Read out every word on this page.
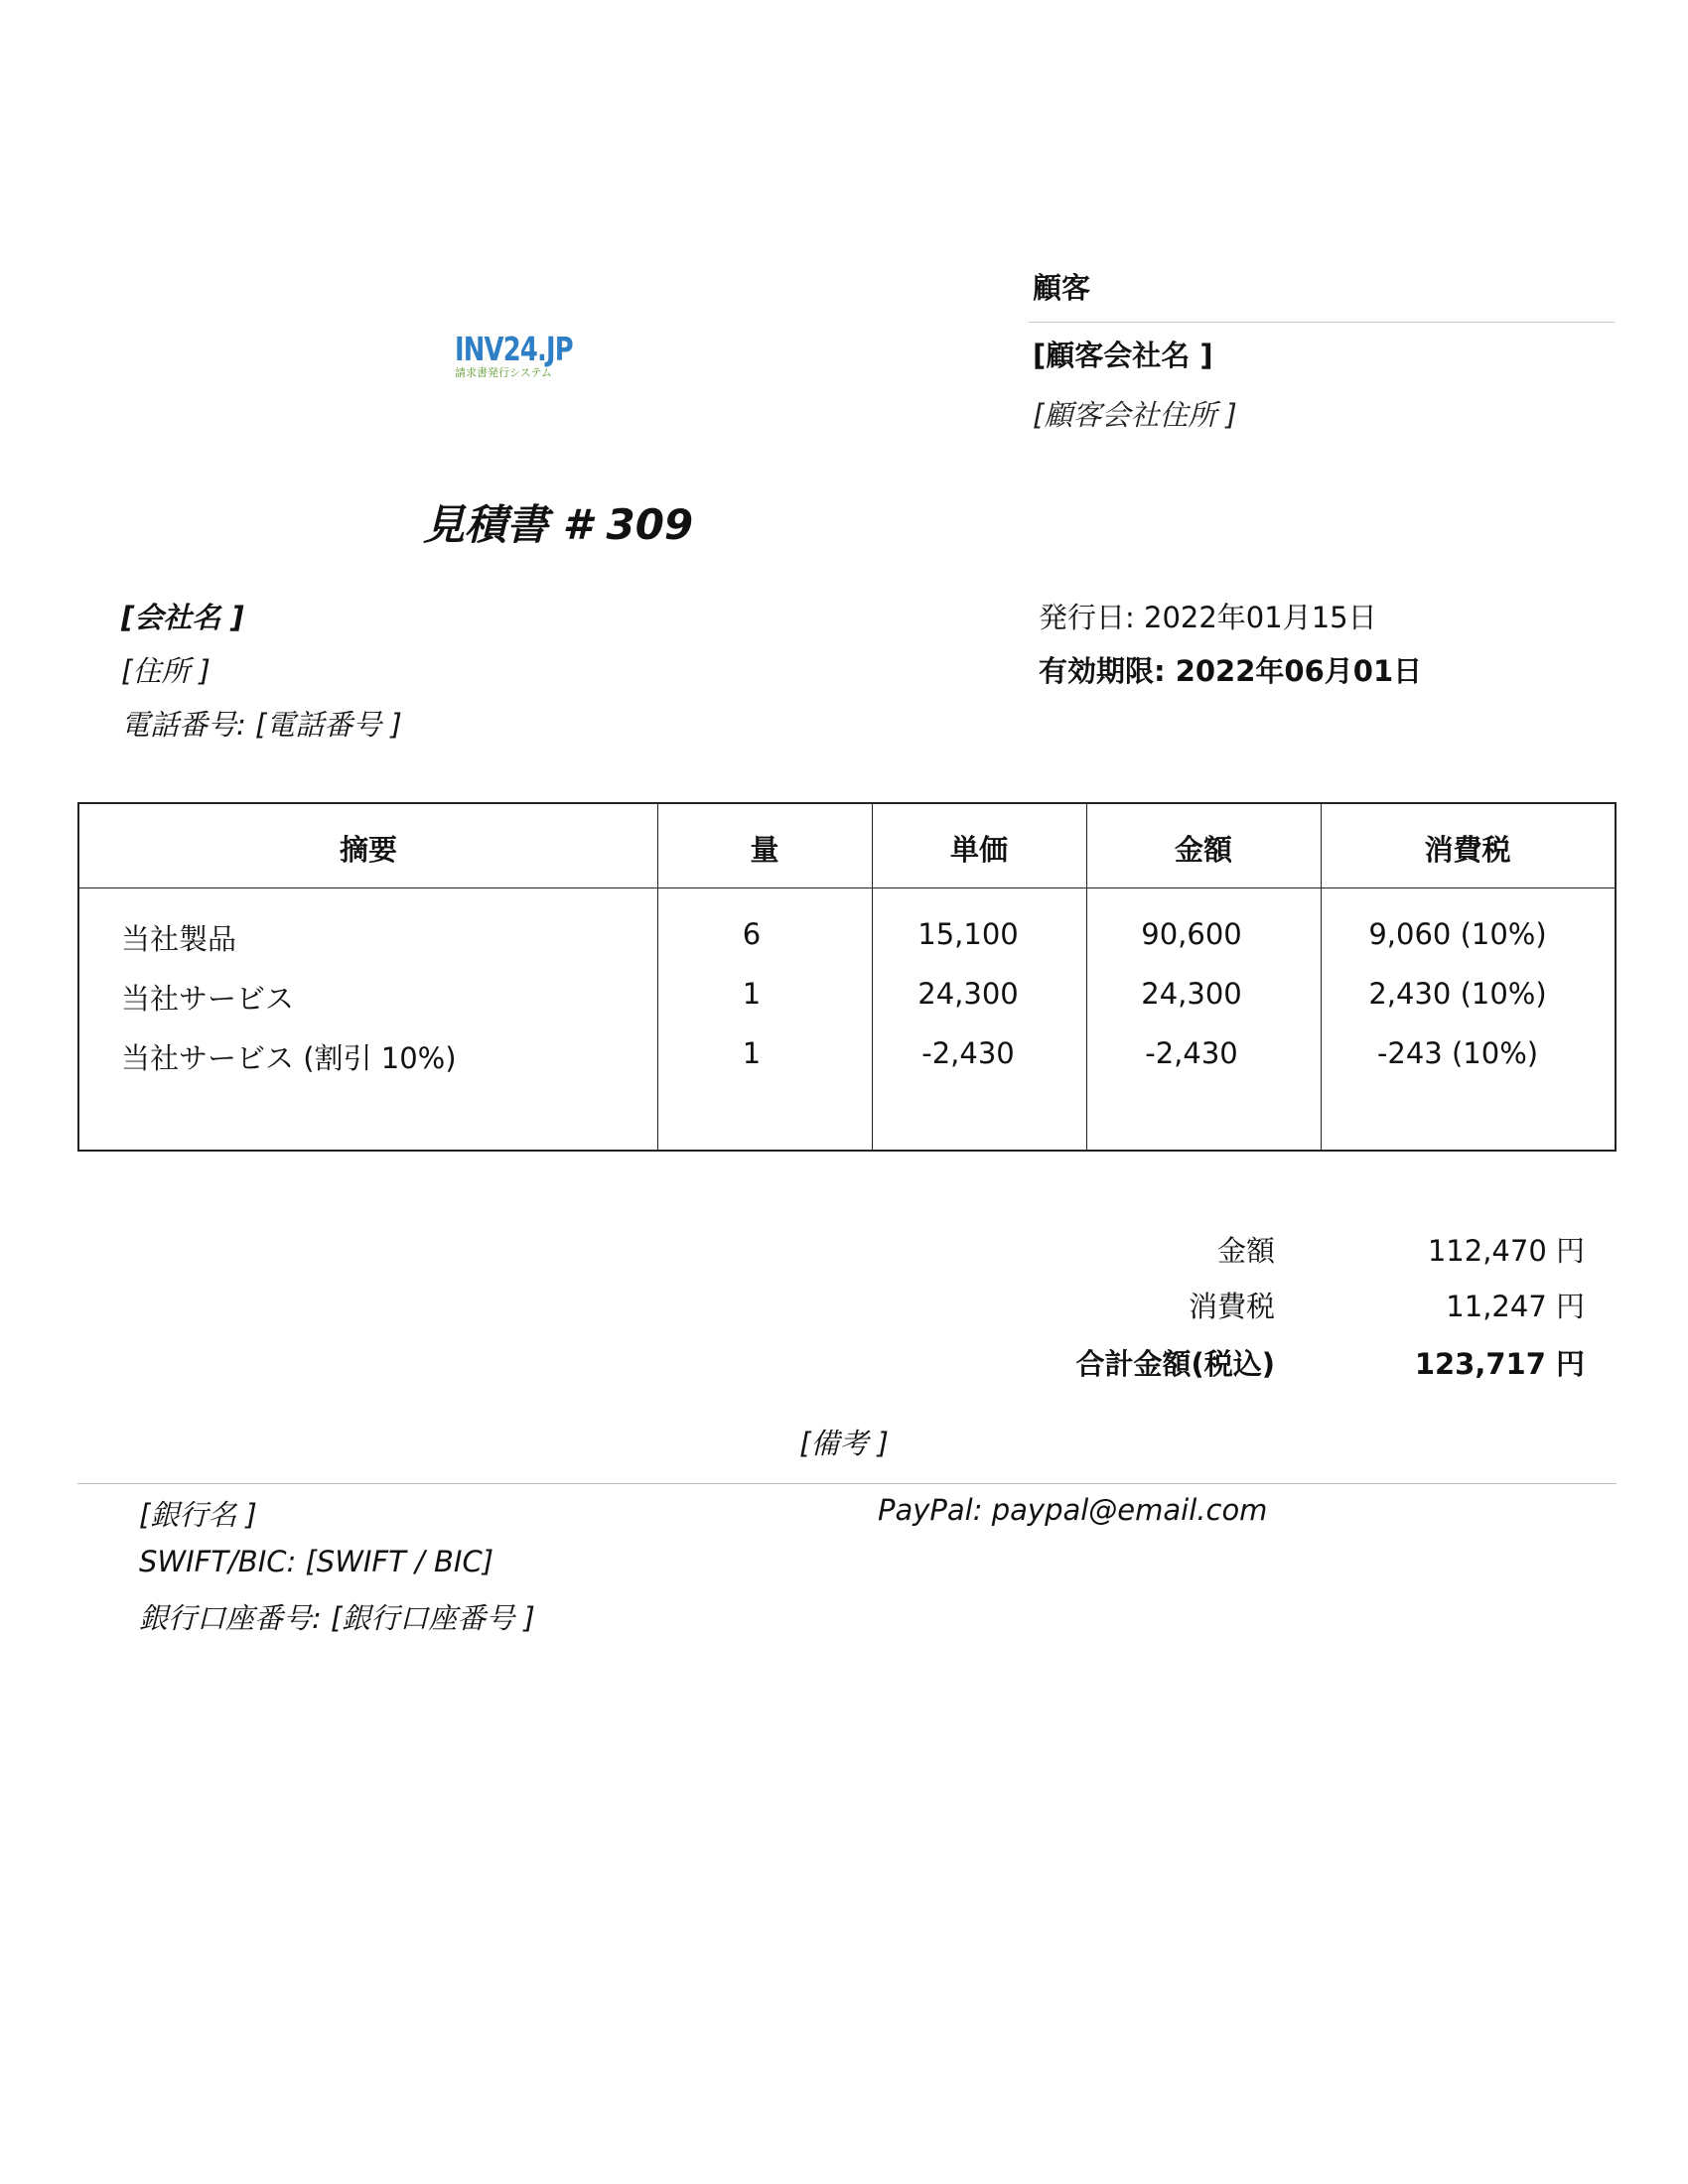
顧客
[顧客会社名 ]
[顧客会社住所 ]
INV24.JP
請求書発行システム
見積書 # 309
[会社名 ]
[住所 ]
電話番号: [電話番号 ]
発行日: 2022年01月15日
有効期限: 2022年06月01日
摘要	量	単価	金額	消費税
当社製品	6	15,100	90,600	9,060 (10%)
当社サービス	1	24,300	24,300	2,430 (10%)
当社サービス (割引 10%)	1	-2,430	-2,430	-243 (10%)
金額	112,470 円
消費税	11,247 円
合計金額(税込)	123,717 円
[備考 ]
[銀行名 ]
SWIFT/BIC: [SWIFT / BIC]
銀行口座番号: [銀行口座番号 ]
PayPal: paypal@email.com
